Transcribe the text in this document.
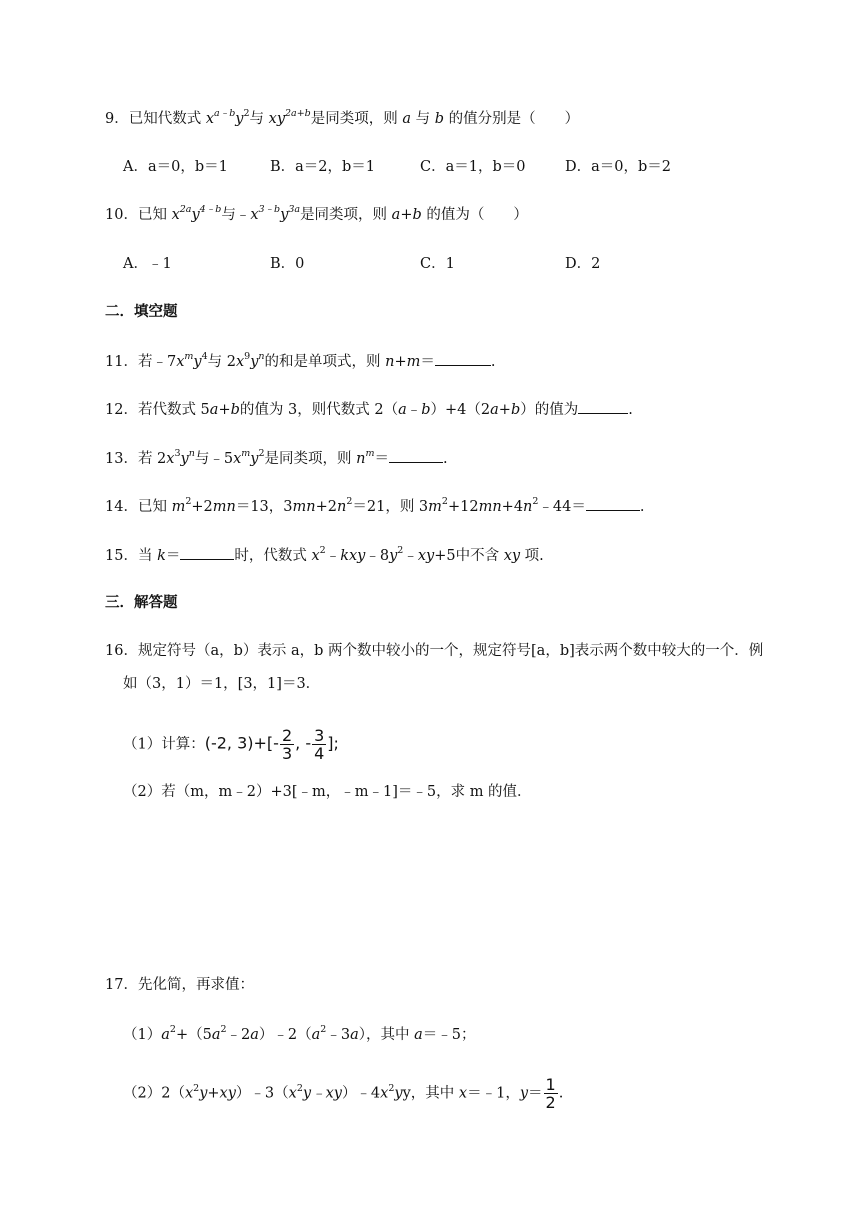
9．已知代数式 $x^{a﹣b}y^2$与 $xy^{2a+b}$是同类项，则 a 与 b 的值分别是（　　）
A．a＝0，b＝1	B．a＝2，b＝1	C．a＝1，b＝0	D．a＝0，b＝2
10．已知 $x^{2a}y^{4﹣b}$与$﹣x^{3﹣b}y^{3a}$是同类项，则 a+b 的值为（　　）
A．﹣1	B．0	C．1	D．2
二．填空题
11．若$﹣7x^my^4$与 $2x^9y^n$的和是单项式，则 n+m＝	.
12．若代数式 5a+b的值为 3，则代数式 2（a﹣b）+4（2a+b）的值为	.
13．若 $2x^3y^n$与$﹣5x^my^2$是同类项，则 $n^m=$	.
14．已知 $m^2+2mn=13$，$3mn+2n^2=21$，则 $3m^2+12mn+4n^2﹣44=$	.
15．当 k＝	时，代数式 $x^2﹣kxy﹣8y^2﹣xy+5$中不含 xy 项.
三．解答题
16．规定符号（a，b）表示 a，b 两个数中较小的一个，规定符号[a，b]表示两个数中较大的一个．例
如（3，1）＝1，[3，1]＝3．
（1）计算：(-2, $3)+[- \frac{2}{3}$ , - $\frac{3}{4}$ ];
（2）若（m，m﹣2）+3[﹣m，﹣m﹣1]＝﹣5，求 m 的值．
17．先化简，再求值：
$(1)a^2+(5a^2﹣2a)﹣2(a^2﹣3a)$，其中 a＝﹣5；
$(2)2(x^2y+xy)﹣3(x^2y﹣xy)﹣4x^2yy$，其中 x＝﹣1，$y= \frac{1}{2}$ .
